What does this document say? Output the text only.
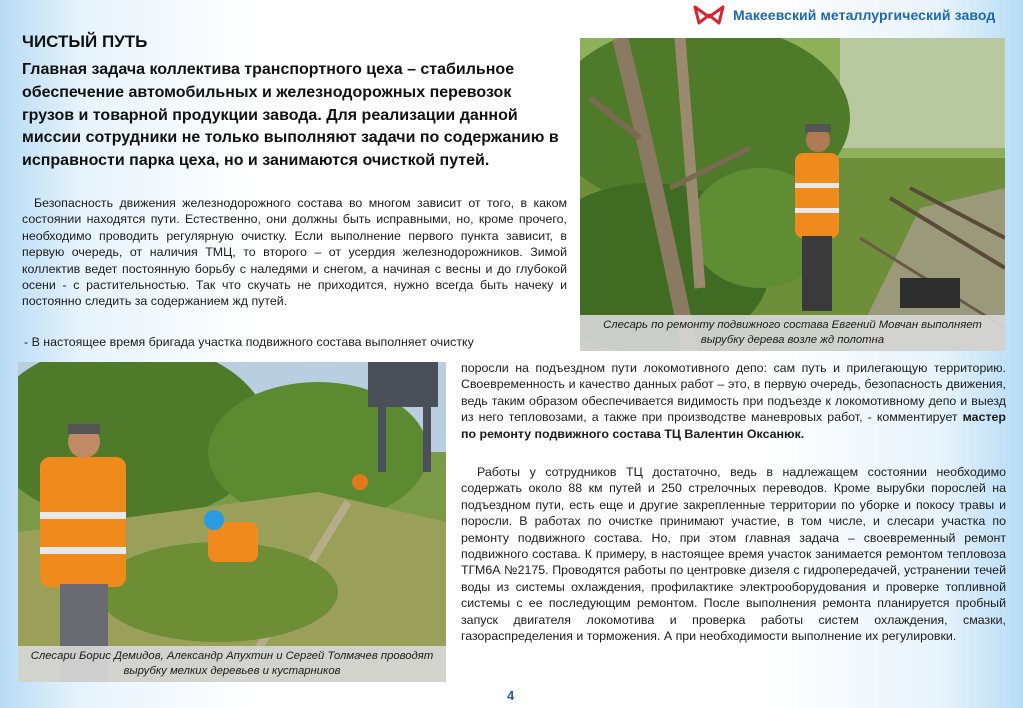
Макеевский металлургический завод
ЧИСТЫЙ ПУТЬ

Главная задача коллектива транспортного цеха – стабильное обеспечение автомобильных и железнодорожных перевозок грузов и товарной продукции завода. Для реализации данной миссии сотрудники не только выполняют задачи по содержанию в исправности парка цеха, но и занимаются очисткой путей.

Безопасность движения железнодорожного состава во многом зависит от того, в каком состоянии находятся пути. Естественно, они должны быть исправными, но, кроме прочего, необходимо проводить регулярную очистку. Если выполнение первого пункта зависит, в первую очередь, от наличия ТМЦ, то второго – от усердия железнодорожников. Зимой коллектив ведет постоянную борьбу с наледями и снегом, а начиная с весны и до глубокой осени - с растительностью. Так что скучать не приходится, нужно всегда быть начеку и постоянно следить за содержанием жд путей.

- В настоящее время бригада участка подвижного состава выполняет очистку

Слесарь по ремонту подвижного состава Евгений Мовчан выполняет вырубку дерева возле жд полотна
Слесари Борис Демидов, Александр Апухтин и Сергей Толмачев проводят вырубку мелких деревьев и кустарников

поросли на подъездном пути локомотивного депо: сам путь и прилегающую территорию. Своевременность и качество данных работ – это, в первую очередь, безопасность движения, ведь таким образом обеспечивается видимость при подъезде к локомотивному депо и выезд из него тепловозами, а также при производстве маневровых работ, - комментирует мастер по ремонту подвижного состава ТЦ Валентин Оксанюк.

Работы у сотрудников ТЦ достаточно, ведь в надлежащем состоянии необходимо содержать около 88 км путей и 250 стрелочных переводов. Кроме вырубки порослей на подъездном пути, есть еще и другие закрепленные территории по уборке и покосу травы и поросли. В работах по очистке принимают участие, в том числе, и слесари участка по ремонту подвижного состава. Но, при этом главная задача – своевременный ремонт подвижного состава. К примеру, в настоящее время участок занимается ремонтом тепловоза ТГМ6А №2175. Проводятся работы по центровке дизеля с гидропередачей, устранении течей воды из системы охлаждения, профилактике электрооборудования и проверке топливной системы с ее последующим ремонтом. После выполнения ремонта планируется пробный запуск двигателя локомотива и проверка работы систем охлаждения, смазки, газораспределения и торможения. А при необходимости выполнение их регулировки.

4
